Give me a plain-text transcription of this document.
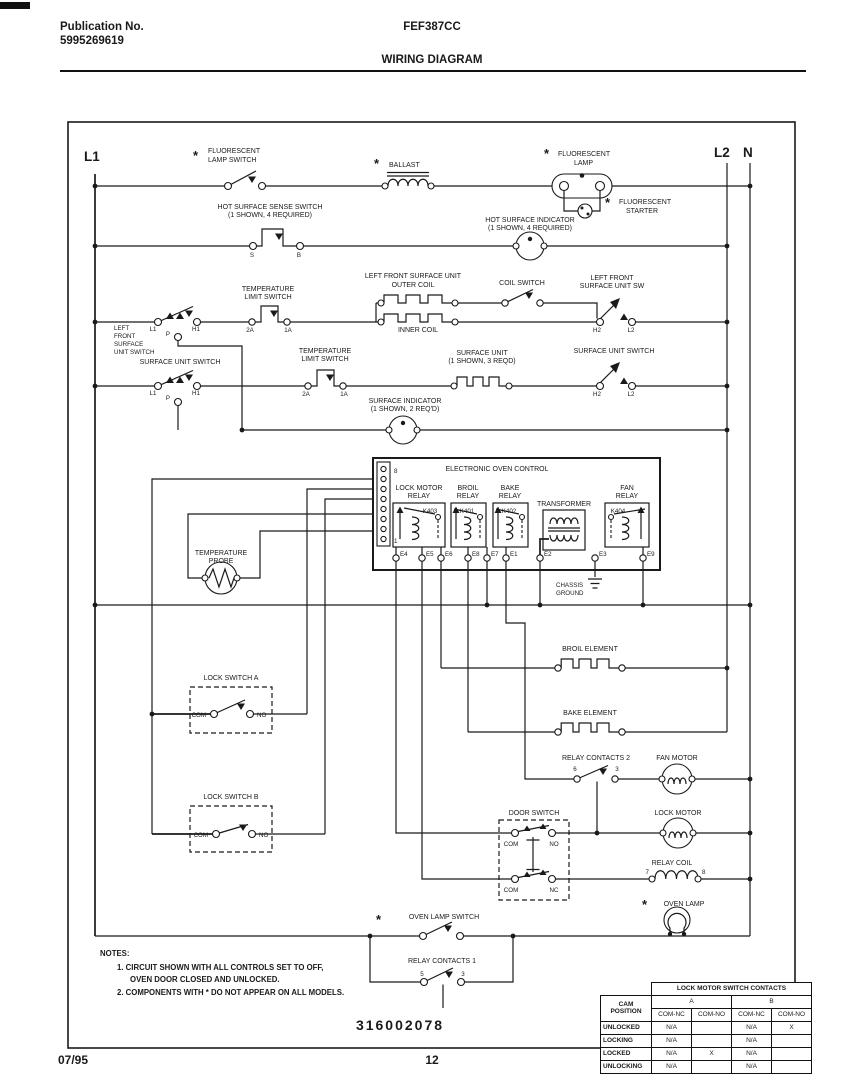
Publication No.
5995269619
FEF387CC
WIRING DIAGRAM
L1	L2 N
* FLUORESCENT
LAMP SWITCH	* BALLAST
* FLUORESCENT
LAMP
* FLUORESCENT
STARTER
S	B
HOT SURFACE SENSE SWITCH
(1 SHOWN, 4 REQUIRED)
HOT SURFACE INDICATOR
(1 SHOWN, 4 REQUIRED)
LEFT
FRONT
SURFACE
UNIT SWITCH
L1
P
H1
TEMPERATURE
LIMIT SWITCH
2A	1A
LEFT FRONT SURFACE UNIT
OUTER COIL
INNER COIL
COIL SWITCH
LEFT FRONT
SURFACE UNIT SW
H2	L2
SURFACE UNIT SWITCH
L1
P
H1
TEMPERATURE
LIMIT SWITCH
2A	1A
SURFACE UNIT
(1 SHOWN, 3 REQD)
SURFACE UNIT SWITCH
H2	L2
SURFACE INDICATOR
(1 SHOWN, 2 REQ'D)
ELECTRONIC OVEN CONTROL
8
1
LOCK MOTOR
RELAY
K403
BROIL
RELAY
K401
BAKE
RELAY
K402
TRANSFORMER
FAN
RELAY
K404
E4	E5 E6	E8 E7 E1	E2	E3	E9
CHASSIS
GROUND
TEMPERATURE
PROBE
LOCK SWITCH A
COM	NO
LOCK SWITCH B
COM	NO
BROIL ELEMENT
BAKE ELEMENT
RELAY CONTACTS 2
6	3
FAN MOTOR
DOOR SWITCH
COM	NO
COM	NC
LOCK MOTOR
RELAY COIL
7	8
* OVEN LAMP
*	OVEN LAMP SWITCH
RELAY CONTACTS 1
5	3
NOTES:
1. CIRCUIT SHOWN WITH ALL CONTROLS SET TO OFF,
OVEN DOOR CLOSED AND UNLOCKED.
2. COMPONENTS WITH * DO NOT APPEAR ON ALL MODELS.
316002078
	LOCK MOTOR SWITCH CONTACTS			
CAM POSITION	A		B	
	COM-NC	COM-NO	COM-NC	COM-NO
UNLOCKED	N/A		N/A	X
LOCKING	N/A		N/A	
LOCKED	N/A	X	N/A	
UNLOCKING	N/A		N/A	
07/95	12
